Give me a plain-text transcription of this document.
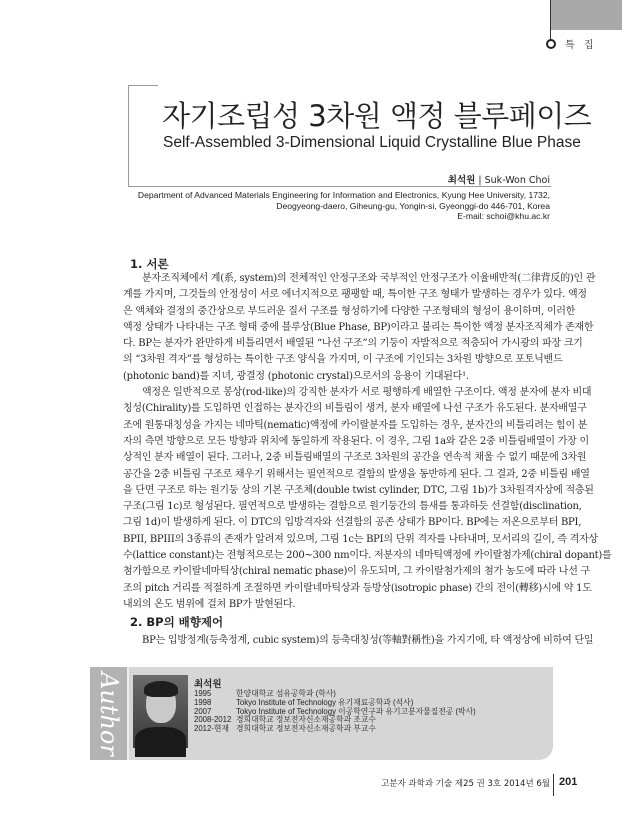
특 집
자기조립성 3차원 액정 블루페이즈
Self-Assembled 3-Dimensional Liquid Crystalline Blue Phase
최석원 | Suk-Won Choi
Department of Advanced Materials Engineering for Information and Electronics, Kyung Hee University, 1732,
Deogyeong-daero, Giheung-gu, Yongin-si, Gyeonggi-do 446-701, Korea
E-mail: schoi@khu.ac.kr
1. 서론
분자조직체에서 계(系, system)의 전체적인 안정구조와 국부적인 안정구조가 이율배반적(二律背反的)인 관
계를 가지며, 그것들의 안정성이 서로 에너지적으로 팽팽할 때, 특이한 구조 형태가 발생하는 경우가 있다. 액정
은 액체와 결정의 중간상으로 부드러운 질서 구조를 형성하기에 다양한 구조형태의 형성이 용이하며, 이러한
액정 상태가 나타내는 구조 형태 중에 블루상(Blue Phase, BP)이라고 불리는 특이한 액정 분자조직체가 존재한
다. BP는 분자가 완만하게 비틀리면서 배열된 “나선 구조”의 기둥이 자발적으로 적층되어 가시광의 파장 크기
의 “3차원 격자”를 형성하는 특이한 구조 양식을 가지며, 이 구조에 기인되는 3차원 방향으로 포토닉밴드
(photonic band)를 지녀, 광결정 (photonic crystal)으로서의 응용이 기대된다¹.
액정은 일반적으로 봉상(rod-like)의 강직한 분자가 서로 평행하게 배열한 구조이다. 액정 분자에 분자 비대
칭성(Chirality)를 도입하면 인접하는 분자간의 비틀림이 생겨, 분자 배열에 나선 구조가 유도된다. 분자배열구
조에 원통대칭성을 가지는 네마틱(nematic)액정에 카이랄분자를 도입하는 경우, 분자간의 비틀리려는 힘이 분
자의 측면 방향으로 모든 방향과 위치에 동일하게 작용된다. 이 경우, 그림 1a와 같은 2중 비틀림배열이 가장 이
상적인 분자 배열이 된다. 그러나, 2중 비틀림배열의 구조로 3차원의 공간을 연속적 채울 수 없기 때문에 3차원
공간을 2중 비틀림 구조로 채우기 위해서는 필연적으로 결함의 발생을 동반하게 된다. 그 결과, 2중 비틀림 배열
을 단면 구조로 하는 원기둥 상의 기본 구조체(double twist cylinder, DTC, 그림 1b)가 3차원격자상에 적층된
구조(그림 1c)로 형성된다. 필연적으로 발생하는 결함으로 원기둥간의 틈새를 통과하듯 선결함(disclination,
그림 1d)이 발생하게 된다. 이 DTC의 입방격자와 선결함의 공존 상태가 BP이다. BP에는 저온으로부터 BPI,
BPII, BPIII의 3종류의 존재가 알려져 있으며, 그림 1c는 BPI의 단위 격자를 나타내며, 모서리의 길이, 즉 격자상
수(lattice constant)는 전형적으로는 200~300 nm이다. 저분자의 네마틱액정에 카이랄첨가제(chiral dopant)를
첨가함으로 카이랄네마틱상(chiral nematic phase)이 유도되며, 그 카이랄첨가제의 첨가 농도에 따라 나선 구
조의 pitch 거리를 적절하게 조절하면 카이랄네마틱상과 등방상(isotropic phase) 간의 전이(轉移)시에 약 1도
내외의 온도 범위에 걸쳐 BP가 발현된다.
2. BP의 배향제어
BP는 입방정계(등축정계, cubic system)의 등축대칭성(等軸對稱性)을 가지기에, 타 액정상에 비하여 단일
Author	최석원
1995	한양대학교 섬유공학과 (학사)
1998	Tokyo Institute of Technology 유기재료공학과 (석사)
2007	Tokyo Institute of Technology 이공학연구과 유기고분자물질전공 (박사)
2008-2012 경희대학교 정보전자신소재공학과 조교수
2012-현재 경희대학교 정보전자신소재공학과 부교수
고분자 과학과 기술 제25 권 3호 2014년 6월 201
